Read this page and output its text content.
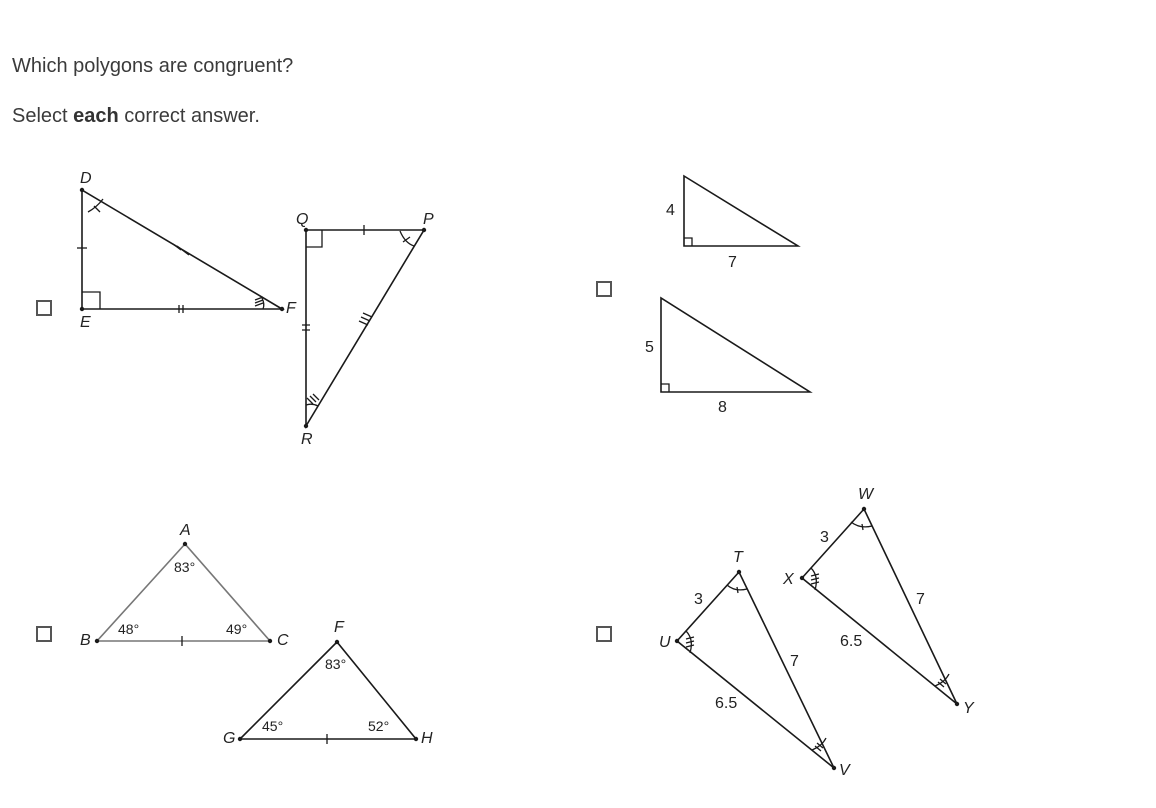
Which polygons are congruent?
Select each correct answer.
D
E
F
Q	P
R
4
7
5
8
A
B	C
83°
48°	49°	F
G	H
83°
45°	52°
T
U
V
3
7
6.5
W
X
Y
3
7
6.5
